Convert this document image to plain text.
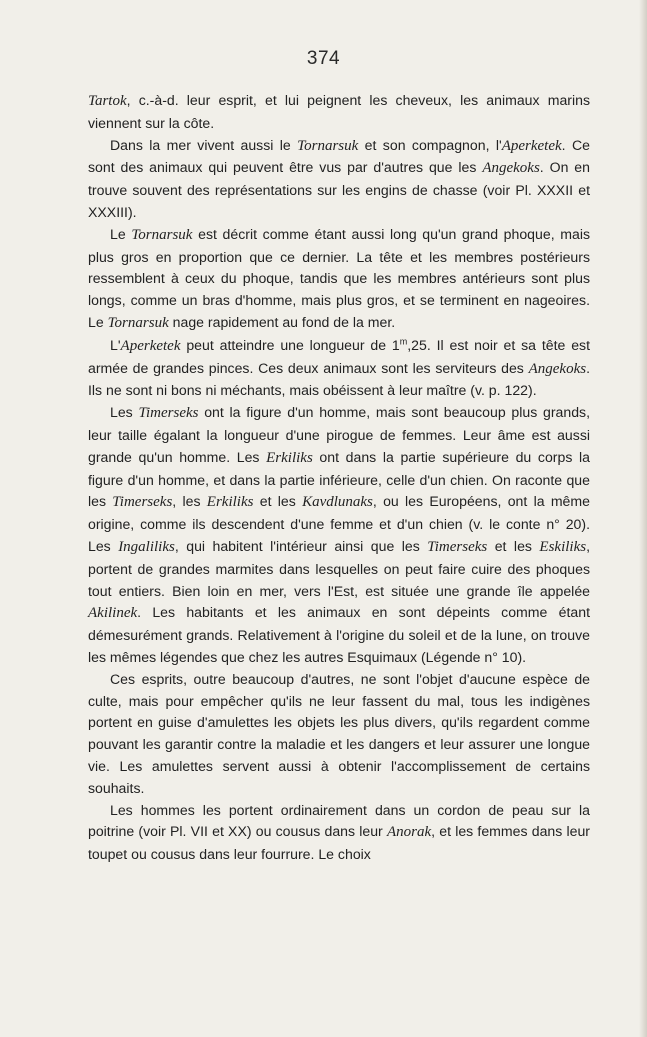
374

Tartok, c.-à-d. leur esprit, et lui peignent les cheveux, les animaux marins viennent sur la côte.

Dans la mer vivent aussi le Tornarsuk et son compagnon, l'Aperketek. Ce sont des animaux qui peuvent être vus par d'autres que les Angekoks. On en trouve souvent des représentations sur les engins de chasse (voir Pl. XXXII et XXXIII).

Le Tornarsuk est décrit comme étant aussi long qu'un grand phoque, mais plus gros en proportion que ce dernier. La tête et les membres postérieurs ressemblent à ceux du phoque, tandis que les membres antérieurs sont plus longs, comme un bras d'homme, mais plus gros, et se terminent en nageoires. Le Tornarsuk nage rapidement au fond de la mer.

L'Aperketek peut atteindre une longueur de 1$^m$,25. Il est noir et sa tête est armée de grandes pinces. Ces deux animaux sont les serviteurs des Angekoks. Ils ne sont ni bons ni méchants, mais obéissent à leur maître (v. p. 122).

Les Timerseks ont la figure d'un homme, mais sont beaucoup plus grands, leur taille égalant la longueur d'une pirogue de femmes. Leur âme est aussi grande qu'un homme. Les Erkiliks ont dans la partie supérieure du corps la figure d'un homme, et dans la partie inférieure, celle d'un chien. On raconte que les Timerseks, les Erkiliks et les Kavdlunaks, ou les Européens, ont la même origine, comme ils descendent d'une femme et d'un chien (v. le conte n° 20). Les Ingaliliks, qui habitent l'intérieur ainsi que les Timerseks et les Eskiliks, portent de grandes marmites dans lesquelles on peut faire cuire des phoques tout entiers. Bien loin en mer, vers l'Est, est située une grande île appelée Akilinek. Les habitants et les animaux en sont dépeints comme étant démesurément grands. Relativement à l'origine du soleil et de la lune, on trouve les mêmes légendes que chez les autres Esquimaux (Légende n° 10).

Ces esprits, outre beaucoup d'autres, ne sont l'objet d'aucune espèce de culte, mais pour empêcher qu'ils ne leur fassent du mal, tous les indigènes portent en guise d'amulettes les objets les plus divers, qu'ils regardent comme pouvant les garantir contre la maladie et les dangers et leur assurer une longue vie. Les amulettes servent aussi à obtenir l'accomplissement de certains souhaits.

Les hommes les portent ordinairement dans un cordon de peau sur la poitrine (voir Pl. VII et XX) ou cousus dans leur Anorak, et les femmes dans leur toupet ou cousus dans leur fourrure. Le choix
